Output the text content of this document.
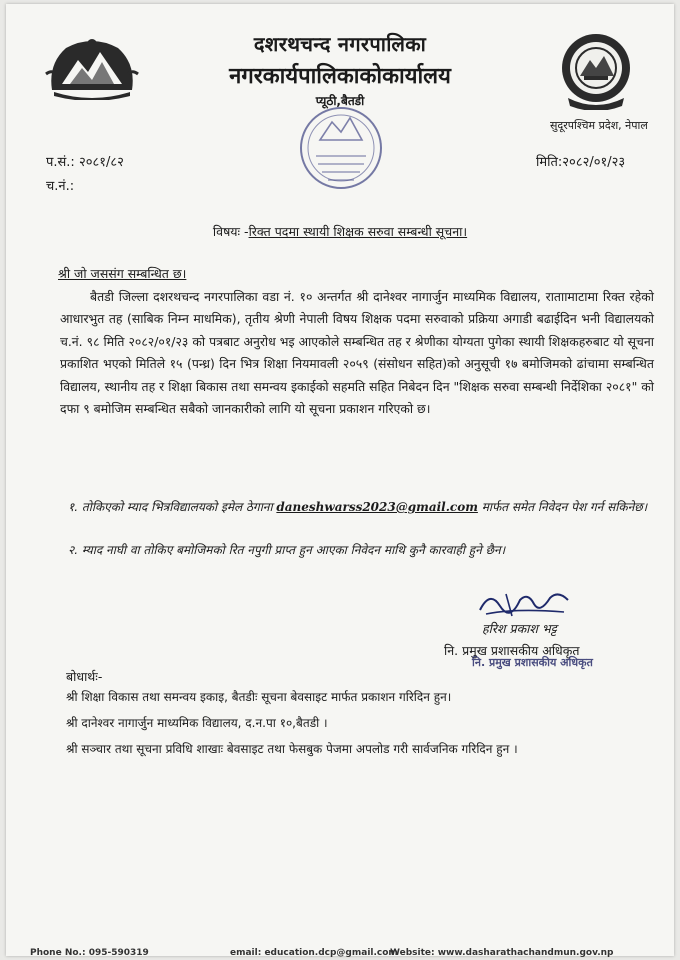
दशरथचन्द नगरपालिका
नगरकार्यपालिकाकोकार्यालय
प्यूठी,बैतडी
सुदूरपश्चिम प्रदेश, नेपाल
प.सं.: २०८१/८२
च.नं.:
मिति:२०८२/०१/२३
विषयः -रिक्त पदमा स्थायी शिक्षक सरुवा सम्बन्धी सूचना।
श्री जो जससंग सम्बन्धित छ।
बैतडी जिल्ला दशरथचन्द नगरपालिका वडा नं. १० अन्तर्गत श्री दानेश्वर नागार्जुन माध्यमिक विद्यालय, राताामाटामा रिक्त रहेको आधारभुत तह (साबिक निम्न माधमिक), तृतीय श्रेणी नेपाली विषय शिक्षक पदमा सरुवाको प्रक्रिया अगाडी बढाईदिन भनी विद्यालयको च.नं. ९८ मिति २०८२/०१/२३ को पत्रबाट अनुरोध भइ आएकोले सम्बन्धित तह र श्रेणीका योग्यता पुगेका स्थायी शिक्षकहरुबाट यो सूचना प्रकाशित भएको मितिले १५ (पन्ध्र) दिन भित्र शिक्षा नियमावली २०५९ (संसोधन सहित)को अनुसूची १७ बमोजिमको ढांचामा सम्बन्धित विद्यालय, स्थानीय तह र शिक्षा बिकास तथा समन्वय इकाईको सहमति सहित निबेदन दिन "शिक्षक सरुवा सम्बन्धी निर्देशिका २०८१" को दफा ९ बमोजिम सम्बन्धित सबैको जानकारीको लागि यो सूचना प्रकाशन गरिएको छ।
१. तोकिएको म्याद भित्रविद्यालयको इमेल ठेगाना daneshwarss2023@gmail.com मार्फत समेत निवेदन पेश गर्न सकिनेछ।
२. म्याद नाघी वा तोकिए बमोजिमको रित नपुगी प्राप्त हुन आएका निवेदन माथि कुनै कारवाही हुने छैन।
हरिश प्रकाश भट्ट
नि. प्रमुख प्रशासकीय अधिकृत
नि. प्रमुख प्रशासकीय अधिकृत
बोधार्थः-
श्री शिक्षा विकास तथा समन्वय इकाइ, बैतडीः सूचना बेवसाइट मार्फत प्रकाशन गरिदिन हुन।
श्री दानेश्वर नागार्जुन माध्यमिक विद्यालय, द.न.पा १०,बैतडी ।
श्री सञ्चार तथा सूचना प्रविधि शाखाः बेवसाइट तथा फेसबुक पेजमा अपलोड गरी सार्वजनिक गरिदिन हुन ।
Phone No.: 095-590319	email: education.dcp@gmail.com
Website: www.dasharathachandmun.gov.np
